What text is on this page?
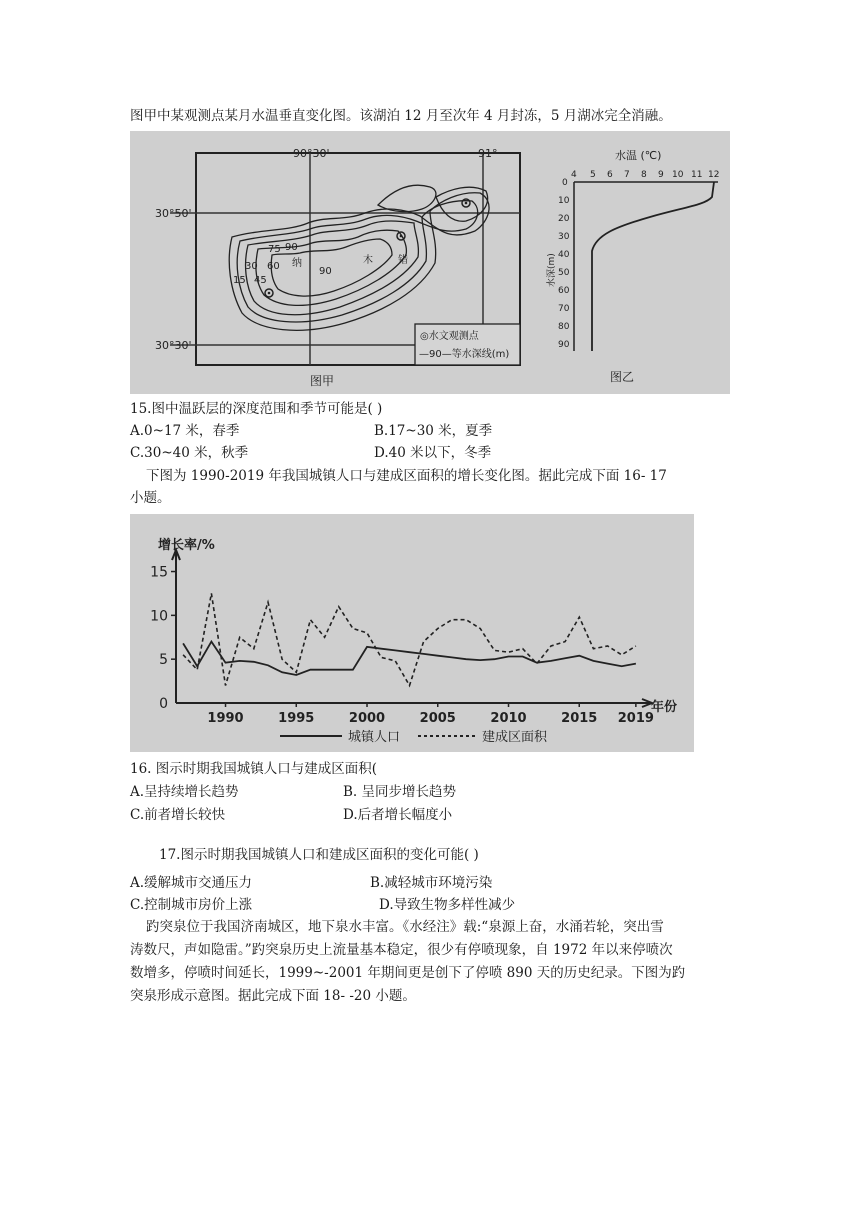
图甲中某观测点某月水温垂直变化图。该湖泊 12 月至次年 4 月封冻，5 月湖冰完全消融。
90°30'	91°
30°50'
30°30'
75 90
30 60
15 45
90
纳	木	错
◎水文观测点
—90—等水深线(m)
图甲
水温 (℃)
4 5 6 7 8 9 10 11 12
0
10
20
30
40
50
60
70
80
90
水深(m)
图乙
15.图中温跃层的深度范围和季节可能是( )
A.0~17 米，春季	B.17~30 米，夏季
C.30~40 米，秋季	D.40 米以下，冬季
下图为 1990-2019 年我国城镇人口与建成区面积的增长变化图。据此完成下面 16- 17
小题。
增长率/%
年份
0
5
10
15
1990	1995	2000	2005	2010	2015 2019
城镇人口	建成区面积
16. 图示时期我国城镇人口与建成区面积(
A.呈持续增长趋势	B. 呈同步增长趋势
C.前者增长较快	D.后者增长幅度小
17.图示时期我国城镇人口和建成区面积的变化可能( )
A.缓解城市交通压力	B.减轻城市环境污染
C.控制城市房价上涨	D.导致生物多样性减少
趵突泉位于我国济南城区，地下泉水丰富。《水经注》载:“泉源上奋，水涌若轮，突出雪
涛数尺，声如隐雷。”趵突泉历史上流量基本稳定，很少有停喷现象，自 1972 年以来停喷次
数增多，停喷时间延长，1999~-2001 年期间更是创下了停喷 890 天的历史纪录。下图为趵
突泉形成示意图。据此完成下面 18- -20 小题。
